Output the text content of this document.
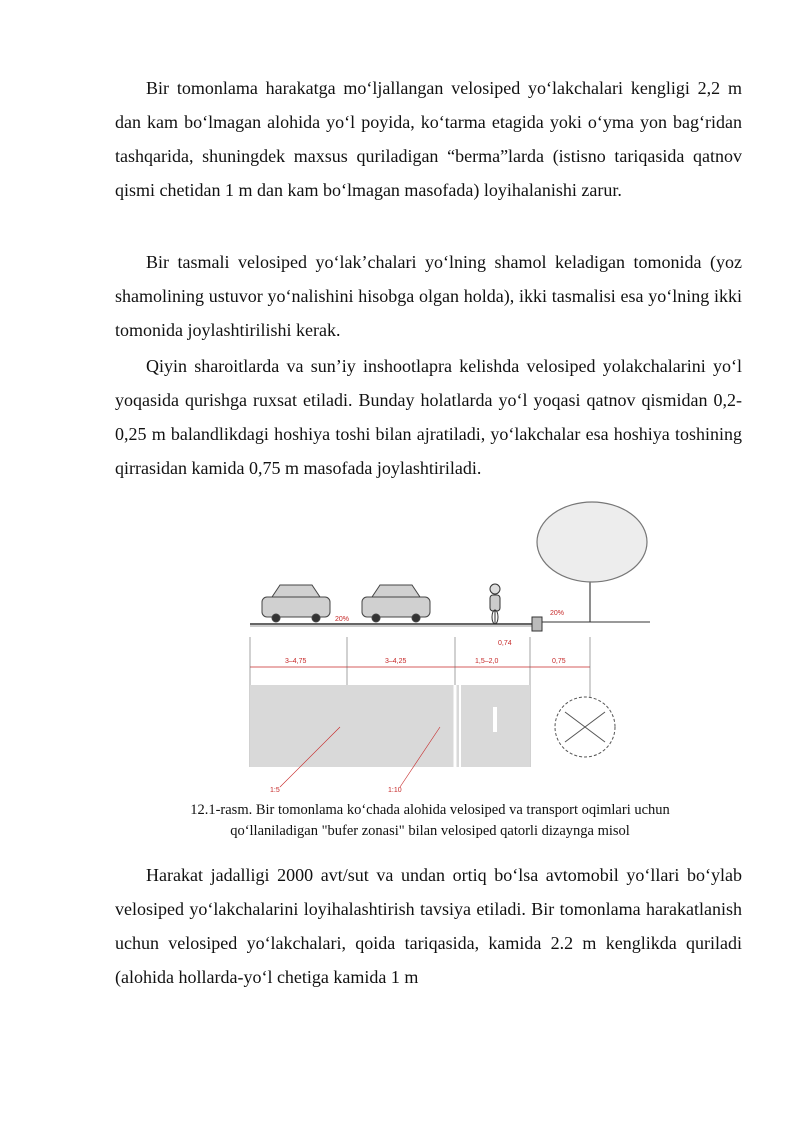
Bir tomonlama harakatga mo‘ljallangan velosiped yo‘lakchalari kengligi 2,2 m dan kam bo‘lmagan alohida yo‘l poyida, ko‘tarma etagida yoki o‘yma yon bag‘ridan tashqarida, shuningdek maxsus quriladigan “berma”larda (istisno tariqasida qatnov qismi chetidan 1 m dan kam bo‘lmagan masofada) loyihalanishi zarur.

Bir tasmali velosiped yo‘lak’chalari yo‘lning shamol keladigan tomonida (yoz shamolining ustuvor yo‘nalishini hisobga olgan holda), ikki tasmalisi esa yo‘lning ikki tomonida joylashtirilishi kerak.

Qiyin sharoitlarda va sun’iy inshootlapra kelishda velosiped yolakchalarini yo‘l yoqasida qurishga ruxsat etiladi. Bunday holatlarda yo‘l yoqasi qatnov qismidan 0,2-0,25 m balandlikdagi hoshiya toshi bilan ajratiladi, yo‘lakchalar esa hoshiya toshining qirrasidan kamida 0,75 m masofada joylashtiriladi.

20%
20%
0,74
3–4,75	3–4,25	1,5–2,0	0,75
1:5	1:10
12.1-rasm. Bir tomonlama ko‘chada alohida velosiped va transport oqimlari uchun
qo‘llaniladigan "bufer zonasi" bilan velosiped qatorli dizaynga misol

Harakat jadalligi 2000 avt/sut va undan ortiq bo‘lsa avtomobil yo‘llari bo‘ylab velosiped yo‘lakchalarini loyihalashtirish tavsiya etiladi. Bir tomonlama harakatlanish uchun velosiped yo‘lakchalari, qoida tariqasida, kamida 2.2 m kenglikda quriladi (alohida hollarda-yo‘l chetiga kamida 1 m
